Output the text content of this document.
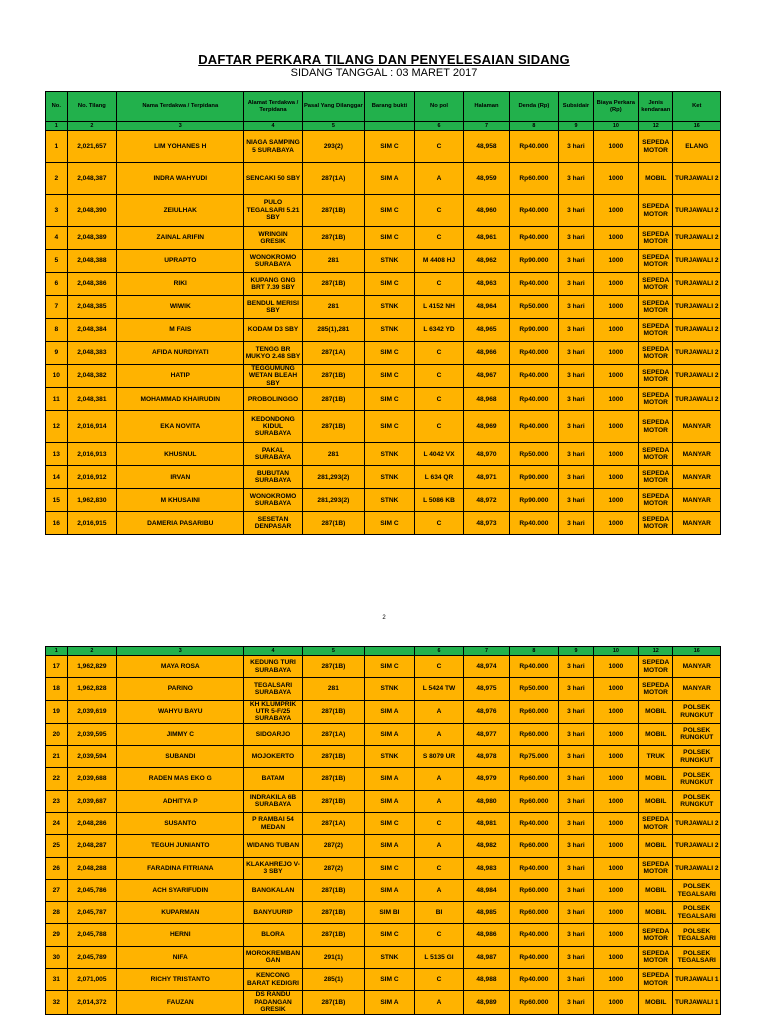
DAFTAR PERKARA TILANG DAN PENYELESAIAN SIDANG
SIDANG TANGGAL : 03 MARET 2017
No.	No. Tilang	Nama Terdakwa / Terpidana	Alamat Terdakwa / Terpidana	Pasal Yang Dilanggar	Barang bukti	No pol	Halaman	Denda (Rp)	Subsidair	Biaya Perkara (Rp)	Jenis kendaraan	Ket
1	2	3	4	5		6	7	8	9	10	12	16
1	2,021,657	LIM YOHANES H	NIAGA SAMPING 5 SURABAYA	293(2)	SIM C	C	48,958	Rp40.000	3 hari	1000	SEPEDA MOTOR	ELANG
2	2,048,387	INDRA WAHYUDI	SENCAKI 50 SBY	287(1A)	SIM A	A	48,959	Rp60.000	3 hari	1000	MOBIL	TURJAWALI 2
3	2,048,390	ZEIULHAK	PULO TEGALSARI 5.21 SBY	287(1B)	SIM C	C	48,960	Rp40.000	3 hari	1000	SEPEDA MOTOR	TURJAWALI 2
4	2,048,389	ZAINAL ARIFIN	WRINGIN GRESIK	287(1B)	SIM C	C	48,961	Rp40.000	3 hari	1000	SEPEDA MOTOR	TURJAWALI 2
5	2,048,388	UPRAPTO	WONOKROMO SURABAYA	281	STNK	M 4408 HJ	48,962	Rp90.000	3 hari	1000	SEPEDA MOTOR	TURJAWALI 2
6	2,048,386	RIKI	KUPANG GNG BRT 7.39 SBY	287(1B)	SIM C	C	48,963	Rp40.000	3 hari	1000	SEPEDA MOTOR	TURJAWALI 2
7	2,048,385	WIWIK	BENDUL MERISI SBY	281	STNK	L 4152 NH	48,964	Rp50.000	3 hari	1000	SEPEDA MOTOR	TURJAWALI 2
8	2,048,384	M FAIS	KODAM D3 SBY	285(1),281	STNK	L 6342 YD	48,965	Rp90.000	3 hari	1000	SEPEDA MOTOR	TURJAWALI 2
9	2,048,383	AFIDA NURDIYATI	TENGG BR MUKYO 2.48 SBY	287(1A)	SIM C	C	48,966	Rp40.000	3 hari	1000	SEPEDA MOTOR	TURJAWALI 2
10	2,048,382	HATIP	TEGGUMUNG WETAN BLEAH SBY	287(1B)	SIM C	C	48,967	Rp40.000	3 hari	1000	SEPEDA MOTOR	TURJAWALI 2
11	2,048,381	MOHAMMAD KHAIRUDIN	PROBOLINGGO	287(1B)	SIM C	C	48,968	Rp40.000	3 hari	1000	SEPEDA MOTOR	TURJAWALI 2
12	2,016,914	EKA NOVITA	KEDONDONG KIDUL SURABAYA	287(1B)	SIM C	C	48,969	Rp40.000	3 hari	1000	SEPEDA MOTOR	MANYAR
13	2,016,913	KHUSNUL	PAKAL SURABAYA	281	STNK	L 4042 VX	48,970	Rp50.000	3 hari	1000	SEPEDA MOTOR	MANYAR
14	2,016,912	IRVAN	BUBUTAN SURABAYA	281,293(2)	STNK	L 634 QR	48,971	Rp90.000	3 hari	1000	SEPEDA MOTOR	MANYAR
15	1,962,830	M KHUSAINI	WONOKROMO SURABAYA	281,293(2)	STNK	L 5086 KB	48,972	Rp90.000	3 hari	1000	SEPEDA MOTOR	MANYAR
16	2,016,915	DAMERIA PASARIBU	SESETAN DENPASAR	287(1B)	SIM C	C	48,973	Rp40.000	3 hari	1000	SEPEDA MOTOR	MANYAR
2
1	2	3	4	5		6	7	8	9	10	12	16
17	1,962,829	MAYA ROSA	KEDUNG TURI SURABAYA	287(1B)	SIM C	C	48,974	Rp40.000	3 hari	1000	SEPEDA MOTOR	MANYAR
18	1,962,828	PARINO	TEGALSARI SURABAYA	281	STNK	L 5424 TW	48,975	Rp50.000	3 hari	1000	SEPEDA MOTOR	MANYAR
19	2,039,619	WAHYU BAYU	KH KLUMPRIK UTR 5-F/25 SURABAYA	287(1B)	SIM A	A	48,976	Rp60.000	3 hari	1000	MOBIL	POLSEK RUNGKUT
20	2,039,595	JIMMY C	SIDOARJO	287(1A)	SIM A	A	48,977	Rp60.000	3 hari	1000	MOBIL	POLSEK RUNGKUT
21	2,039,594	SUBANDI	MOJOKERTO	287(1B)	STNK	S 8079 UR	48,978	Rp75.000	3 hari	1000	TRUK	POLSEK RUNGKUT
22	2,039,688	RADEN MAS EKO G	BATAM	287(1B)	SIM A	A	48,979	Rp60.000	3 hari	1000	MOBIL	POLSEK RUNGKUT
23	2,039,687	ADHITYA P	INDRAKILA 6B SURABAYA	287(1B)	SIM A	A	48,980	Rp60.000	3 hari	1000	MOBIL	POLSEK RUNGKUT
24	2,048,286	SUSANTO	P RAMBAI 54 MEDAN	287(1A)	SIM C	C	48,981	Rp40.000	3 hari	1000	SEPEDA MOTOR	TURJAWALI 2
25	2,048,287	TEGUH JUNIANTO	WIDANG TUBAN	287(2)	SIM A	A	48,982	Rp60.000	3 hari	1000	MOBIL	TURJAWALI 2
26	2,048,288	FARADINA FITRIANA	KLAKAHREJO V-3 SBY	287(2)	SIM C	C	48,983	Rp40.000	3 hari	1000	SEPEDA MOTOR	TURJAWALI 2
27	2,045,786	ACH SYARIFUDIN	BANGKALAN	287(1B)	SIM A	A	48,984	Rp60.000	3 hari	1000	MOBIL	POLSEK TEGALSARI
28	2,045,787	KUPARMAN	BANYUURIP	287(1B)	SIM BI	BI	48,985	Rp60.000	3 hari	1000	MOBIL	POLSEK TEGALSARI
29	2,045,788	HERNI	BLORA	287(1B)	SIM C	C	48,986	Rp40.000	3 hari	1000	SEPEDA MOTOR	POLSEK TEGALSARI
30	2,045,789	NIFA	MOROKREMBAN GAN	291(1)	STNK	L 5135 GI	48,987	Rp40.000	3 hari	1000	SEPEDA MOTOR	POLSEK TEGALSARI
31	2,071,005	RICHY TRISTANTO	KENCONG BARAT KEDIGRI	285(1)	SIM C	C	48,988	Rp40.000	3 hari	1000	SEPEDA MOTOR	TURJAWALI 1
32	2,014,372	FAUZAN	DS RANDU PADANGAN GRESIK	287(1B)	SIM A	A	48,989	Rp60.000	3 hari	1000	MOBIL	TURJAWALI 1
